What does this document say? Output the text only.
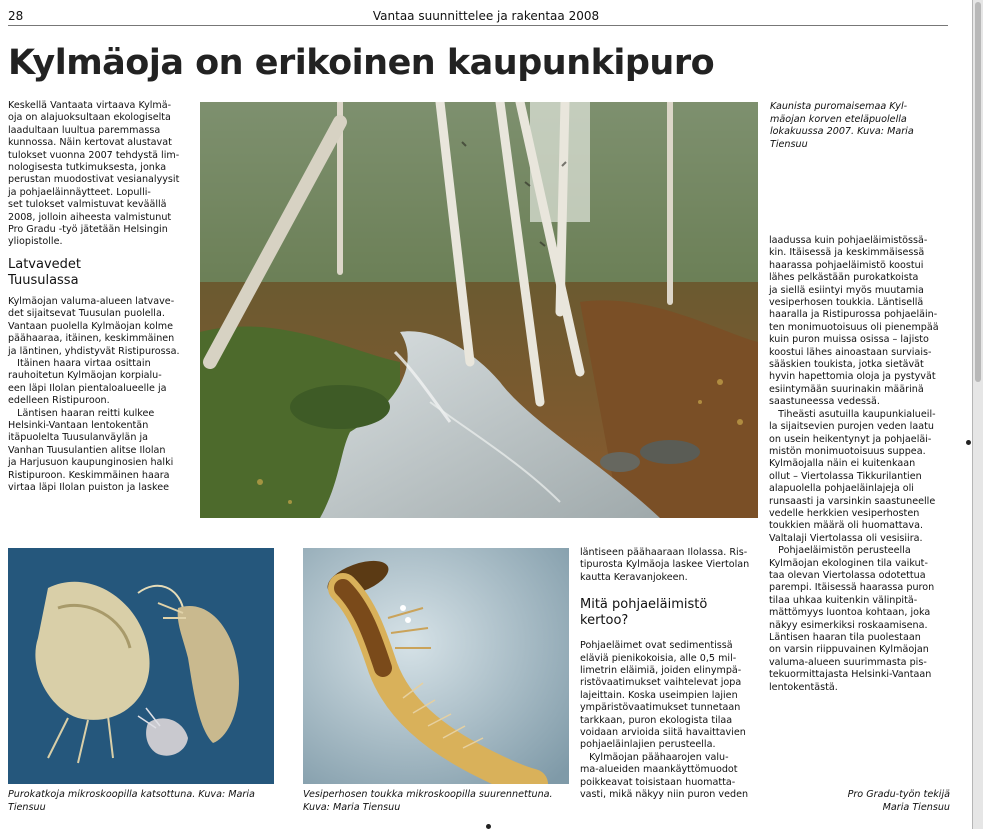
28	Vantaa suunnittelee ja rakentaa 2008
Kylmäoja on erikoinen kaupunkipuro

Keskellä Vantaata virtaava Kylmä-
oja on alajuoksultaan ekologiselta
laadultaan luultua paremmassa
kunnossa. Näin kertovat alustavat
tulokset vuonna 2007 tehdystä lim-
nologisesta tutkimuksesta, jonka
perustan muodostivat vesianalyysit
ja pohjaeläinnäytteet. Lopulli-
set tulokset valmistuvat keväällä
2008, jolloin aiheesta valmistunut
Pro Gradu -työ jätetään Helsingin
yliopistolle.

Latvavedet
Tuusulassa

Kylmäojan valuma-alueen latvave-
det sijaitsevat Tuusulan puolella.
Vantaan puolella Kylmäojan kolme
päähaaraa, itäinen, keskimmäinen
ja läntinen, yhdistyvät Ristipurossa.
Itäinen haara virtaa osittain
rauhoitetun Kylmäojan korpialu-
een läpi Ilolan pientaloalueelle ja
edelleen Ristipuroon.
Läntisen haaran reitti kulkee
Helsinki-Vantaan lentokentän
itäpuolelta Tuusulanväylän ja
Vanhan Tuusulantien alitse Ilolan
ja Harjusuon kaupunginosien halki
Ristipuroon. Keskimmäinen haara
virtaa läpi Ilolan puiston ja laskee

Kaunista puromaisemaa Kyl-
mäojan korven eteläpuolella
lokakuussa 2007. Kuva: Maria
Tiensuu

laadussa kuin pohjaeläimistössä-
kin. Itäisessä ja keskimmäisessä
haarassa pohjaeläimistö koostui
lähes pelkästään purokatkoista
ja siellä esiintyi myös muutamia
vesiperhosen toukkia. Läntisellä
haaralla ja Ristipurossa pohjaeläin-
ten monimuotoisuus oli pienempää
kuin puron muissa osissa – lajisto
koostui lähes ainoastaan surviais-
sääskien toukista, jotka sietävät
hyvin hapettomia oloja ja pystyvät
esiintymään suurinakin määrinä
saastuneessa vedessä.
Tiheästi asutuilla kaupunkialueil-
la sijaitsevien purojen veden laatu
on usein heikentynyt ja pohjaeläi-
mistön monimuotoisuus suppea.
Kylmäojalla näin ei kuitenkaan
ollut – Viertolassa Tikkurilantien
alapuolella pohjaeläinlajeja oli
runsaasti ja varsinkin saastuneelle
vedelle herkkien vesiperhosten
toukkien määrä oli huomattava.
Valtalaji Viertolassa oli vesisiira.
Pohjaeläimistön perusteella
Kylmäojan ekologinen tila vaikut-
taa olevan Viertolassa odotettua
parempi. Itäisessä haarassa puron
tilaa uhkaa kuitenkin välinpitä-
mättömyys luontoa kohtaan, joka
näkyy esimerkiksi roskaamisena.
Läntisen haaran tila puolestaan
on varsin riippuvainen Kylmäojan
valuma-alueen suurimmasta pis-
tekuormittajasta Helsinki-Vantaan
lentokentästä.

Purokatkoja mikroskoopilla katsottuna. Kuva: Maria
Tiensuu

Vesiperhosen toukka mikroskoopilla suurennettuna.
Kuva: Maria Tiensuu

läntiseen päähaaraan Ilolassa. Ris-
tipurosta Kylmäoja laskee Viertolan
kautta Keravanjokeen.

Mitä pohjaeläimistö
kertoo?

Pohjaeläimet ovat sedimentissä
eläviä pienikokoisia, alle 0,5 mil-
limetrin eläimiä, joiden elinympä-
ristövaatimukset vaihtelevat jopa
lajeittain. Koska useimpien lajien
ympäristövaatimukset tunnetaan
tarkkaan, puron ekologista tilaa
voidaan arvioida siitä havaittavien
pohjaeläinlajien perusteella.
Kylmäojan päähaarojen valu-
ma-alueiden maankäyttömuodot
poikkeavat toisistaan huomatta-
vasti, mikä näkyy niin puron veden	Pro Gradu-työn tekijä
Maria Tiensuu
